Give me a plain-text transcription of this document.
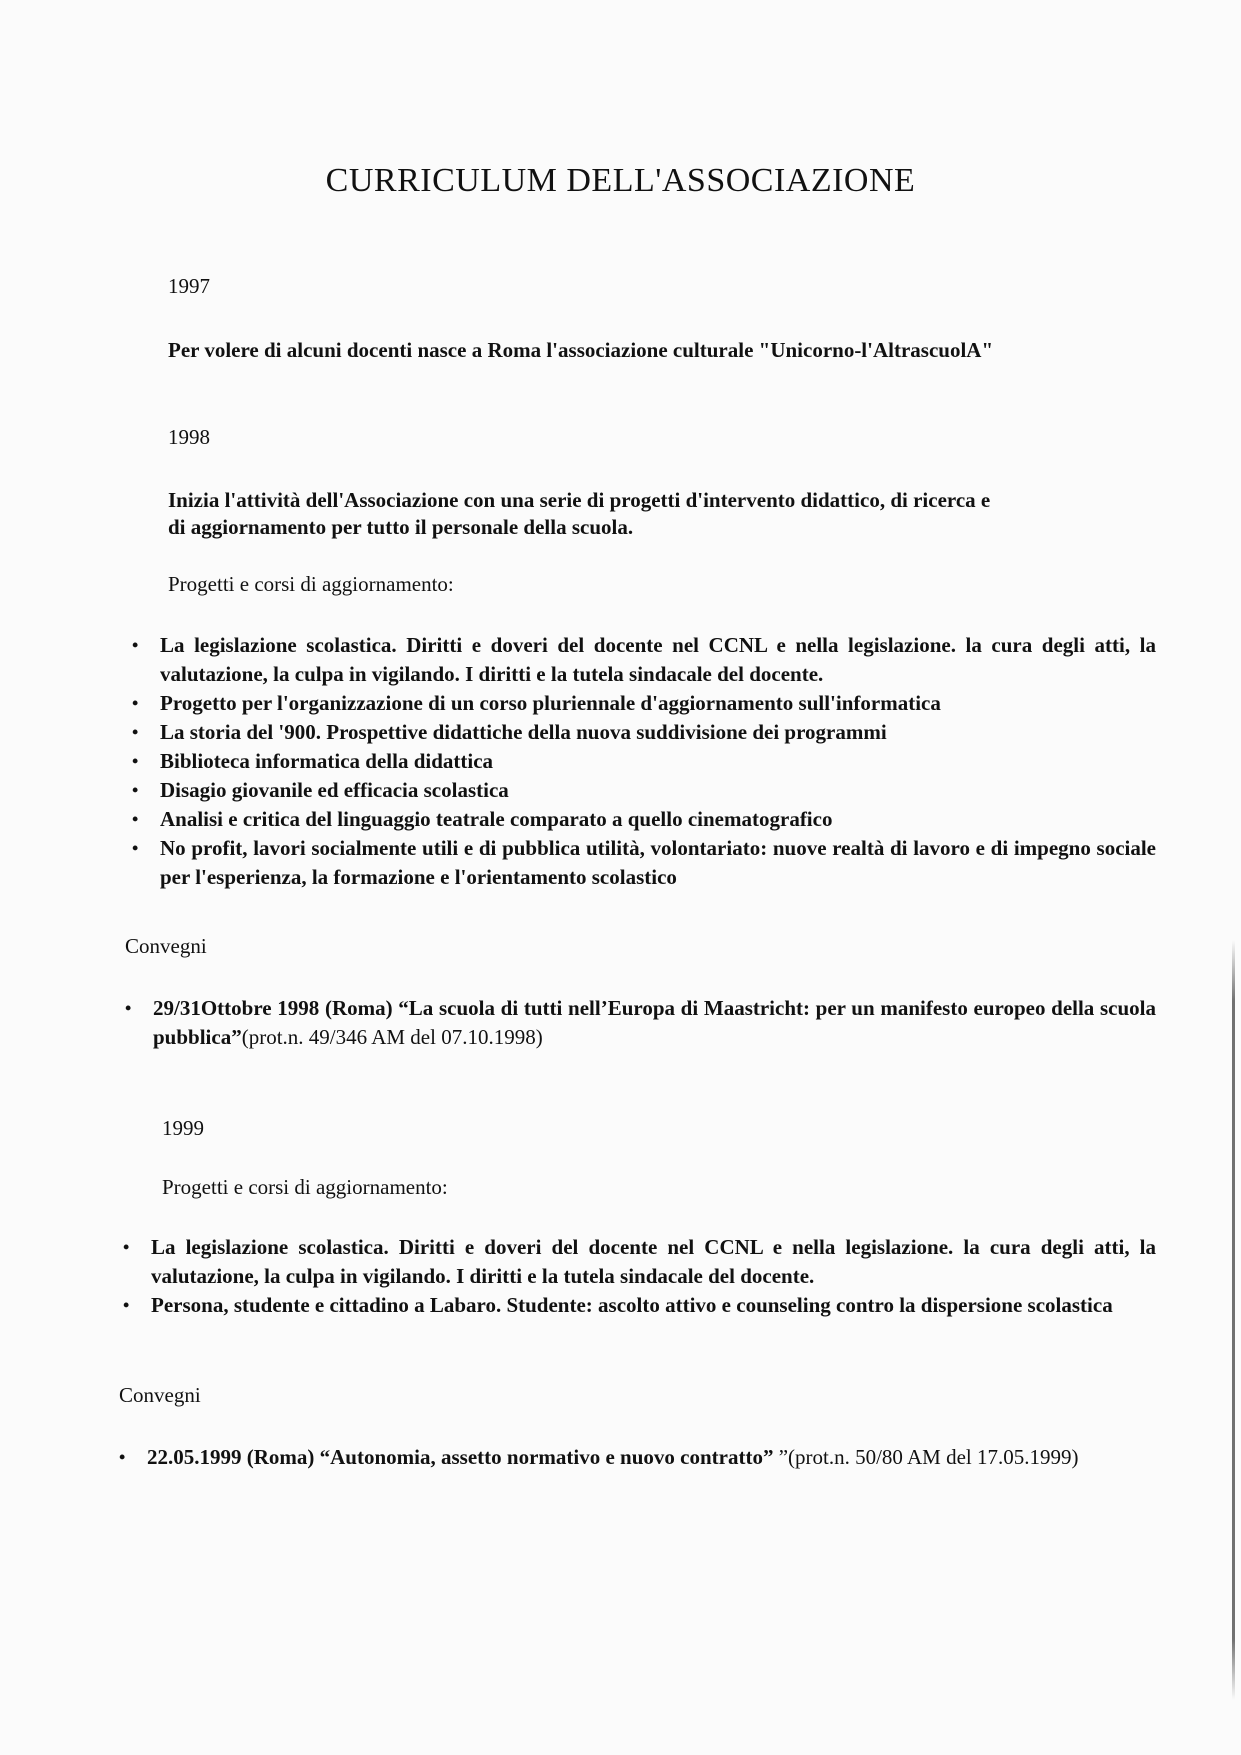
CURRICULUM DELL'ASSOCIAZIONE

1997

Per volere di alcuni docenti nasce a Roma l'associazione culturale "Unicorno-l'AltrascuolA"

1998

Inizia l'attività dell'Associazione con una serie di progetti d'intervento didattico, di ricerca e

di aggiornamento per tutto il personale della scuola.

Progetti e corsi di aggiornamento:

• La legislazione scolastica. Diritti e doveri del docente nel CCNL e nella legislazione. la cura degli atti, la valutazione, la culpa in vigilando. I diritti e la tutela sindacale del docente.
• Progetto per l'organizzazione di un corso pluriennale d'aggiornamento sull'informatica
• La storia del '900. Prospettive didattiche della nuova suddivisione dei programmi
• Biblioteca informatica della didattica
• Disagio giovanile ed efficacia scolastica
• Analisi e critica del linguaggio teatrale comparato a quello cinematografico
• No profit, lavori socialmente utili e di pubblica utilità, volontariato: nuove realtà di lavoro e di impegno sociale per l'esperienza, la formazione e l'orientamento scolastico

Convegni

• 29/31Ottobre 1998 (Roma) “La scuola di tutti nell’Europa di Maastricht: per un manifesto europeo della scuola pubblica”(prot.n. 49/346 AM del 07.10.1998)

1999

Progetti e corsi di aggiornamento:

• La legislazione scolastica. Diritti e doveri del docente nel CCNL e nella legislazione. la cura degli atti, la valutazione, la culpa in vigilando. I diritti e la tutela sindacale del docente.
• Persona, studente e cittadino a Labaro. Studente: ascolto attivo e counseling contro la dispersione scolastica

Convegni

• 22.05.1999 (Roma) “Autonomia, assetto normativo e nuovo contratto” ”(prot.n. 50/80 AM del 17.05.1999)
